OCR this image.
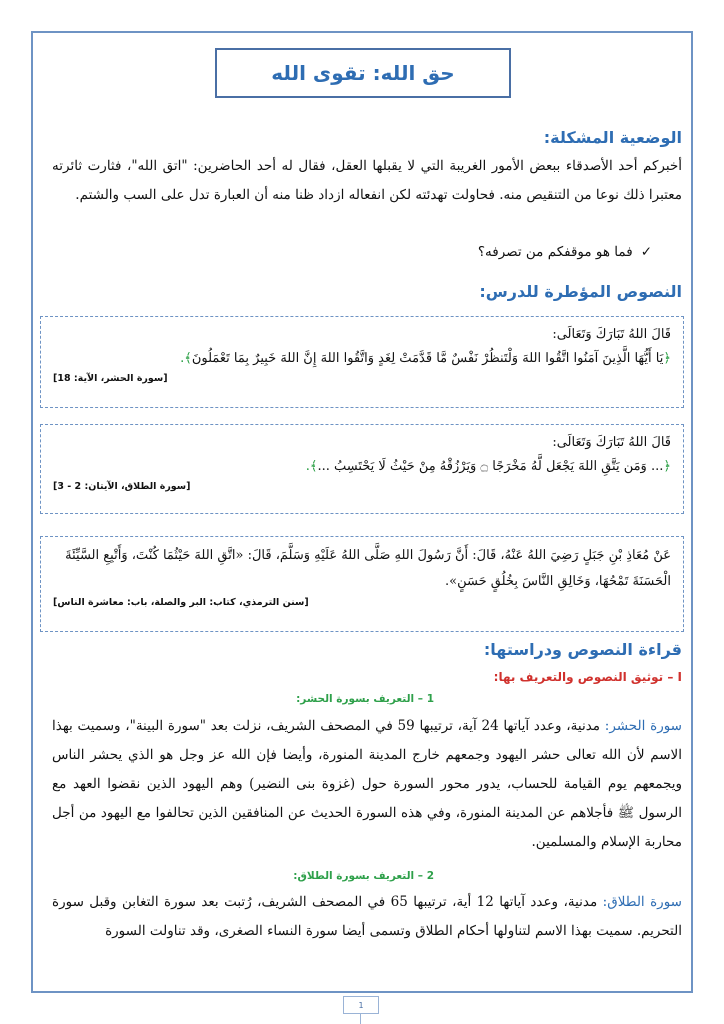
حق الله: تقوى الله
الوضعية المشكلة:
أخبركم أحد الأصدقاء ببعض الأمور الغريبة التي لا يقبلها العقل، فقال له أحد الحاضرين: "اتق الله"، فثارت ثائرته معتبرا ذلك نوعا من التنقيص منه. فحاولت تهدئته لكن انفعاله ازداد ظنا منه أن العبارة تدل على السب والشتم.
✓فما هو موقفكم من تصرفه؟
النصوص المؤطرة للدرس:
قَالَ اللهُ تَبَارَكَ وَتَعَالَى:
﴿يَا أَيُّهَا الَّذِينَ آمَنُوا اتَّقُوا اللهَ وَلْتَنظُرْ نَفْسٌ مَّا قَدَّمَتْ لِغَدٍ وَاتَّقُوا اللهَ إِنَّ اللهَ خَبِيرٌ بِمَا تَعْمَلُونَ﴾.
[سورة الحشر، الآية: 18]
قَالَ اللهُ تَبَارَكَ وَتَعَالَى:
﴿... وَمَن يَتَّقِ اللهَ يَجْعَل لَّهُ مَخْرَجًا ۝ وَيَرْزُقْهُ مِنْ حَيْثُ لَا يَحْتَسِبُ ...﴾.
[سورة الطلاق، الآيتان: 2 - 3]
عَنْ مُعَاذِ بْنِ جَبَلٍ رَضِيَ اللهُ عَنْهُ، قَالَ: أَنَّ رَسُولَ اللهِ صَلَّى اللهُ عَلَيْهِ وَسَلَّمَ، قَالَ: «اتَّقِ اللهَ حَيْثُمَا كُنْتَ، وَأَتْبِعِ السَّيِّئَةَ الْحَسَنَةَ تَمْحُهَا، وَخَالِقِ النَّاسَ بِخُلُقٍ حَسَنٍ».
[سنن الترمذي، كتاب: البر والصلة، باب: معاشرة الناس]
قراءة النصوص ودراستها:
I – توثيق النصوص والتعريف بها:
1 – التعريف بسورة الحشر:
سورة الحشر: مدنية، وعدد آياتها 24 آية، ترتيبها 59 في المصحف الشريف، نزلت بعد "سورة البينة"، وسميت بهذا الاسم لأن الله تعالى حشر اليهود وجمعهم خارج المدينة المنورة، وأيضا فإن الله عز وجل هو الذي يحشر الناس ويجمعهم يوم القيامة للحساب، يدور محور السورة حول (غزوة بنى النضير) وهم اليهود الذين نقضوا العهد مع الرسول ﷺ فأجلاهم عن المدينة المنورة، وفي هذه السورة الحديث عن المنافقين الذين تحالفوا مع اليهود من أجل محاربة الإسلام والمسلمين.
2 – التعريف بسورة الطلاق:
سورة الطلاق: مدنية، وعدد آياتها 12 أية، ترتيبها 65 في المصحف الشريف، رُتبت بعد سورة التغابن وقبل سورة التحريم. سميت بهذا الاسم لتناولها أحكام الطلاق وتسمى أيضا سورة النساء الصغرى، وقد تناولت السورة
1
